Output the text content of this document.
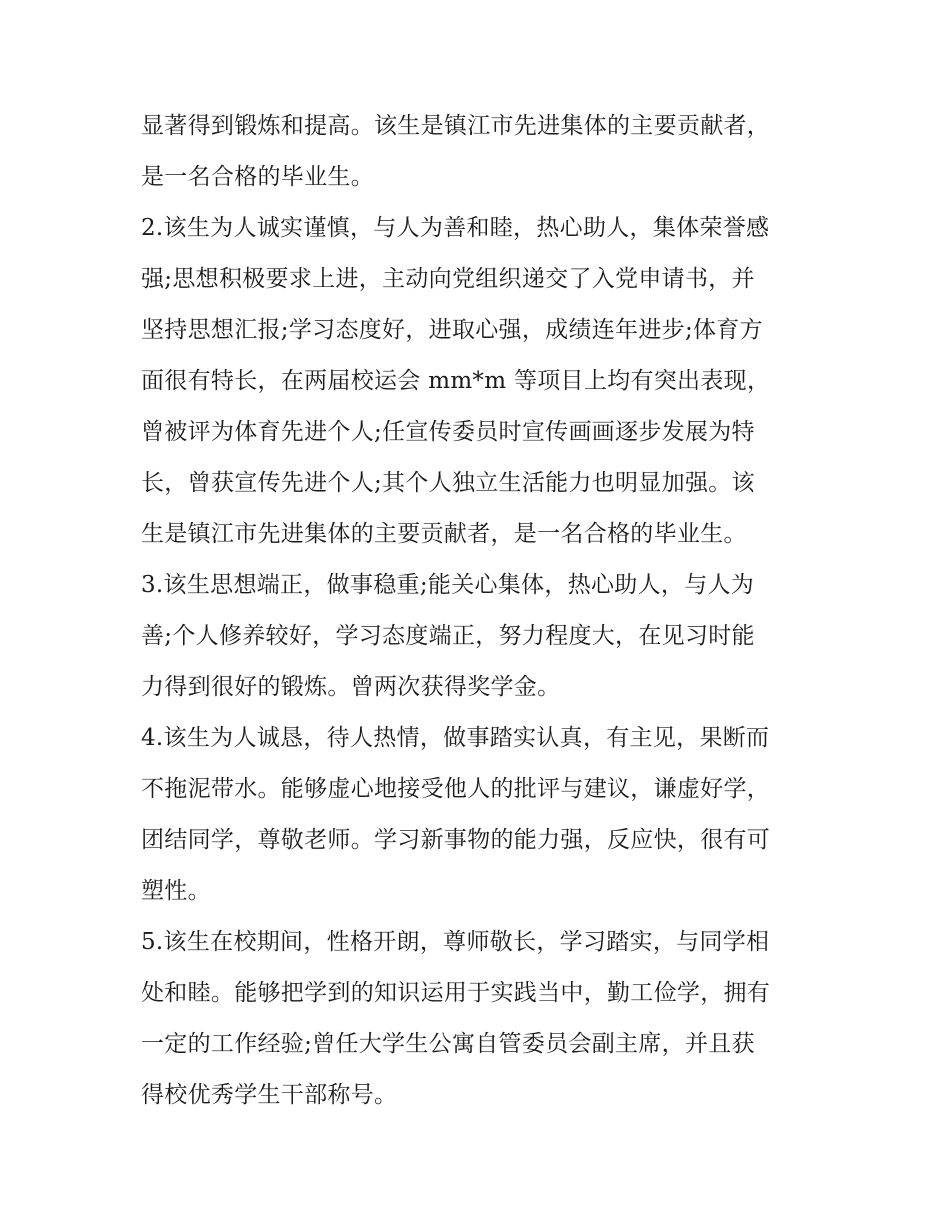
显著得到锻炼和提高。该生是镇江市先进集体的主要贡献者，
是一名合格的毕业生。
2.该生为人诚实谨慎，与人为善和睦，热心助人，集体荣誉感
强;思想积极要求上进，主动向党组织递交了入党申请书，并
坚持思想汇报;学习态度好，进取心强，成绩连年进步;体育方
面很有特长，在两届校运会 mm*m 等项目上均有突出表现，
曾被评为体育先进个人;任宣传委员时宣传画画逐步发展为特
长，曾获宣传先进个人;其个人独立生活能力也明显加强。该
生是镇江市先进集体的主要贡献者，是一名合格的毕业生。
3.该生思想端正，做事稳重;能关心集体，热心助人，与人为
善;个人修养较好，学习态度端正，努力程度大，在见习时能
力得到很好的锻炼。曾两次获得奖学金。
4.该生为人诚恳，待人热情，做事踏实认真，有主见，果断而
不拖泥带水。能够虚心地接受他人的批评与建议，谦虚好学，
团结同学，尊敬老师。学习新事物的能力强，反应快，很有可
塑性。
5.该生在校期间，性格开朗，尊师敬长，学习踏实，与同学相
处和睦。能够把学到的知识运用于实践当中，勤工俭学，拥有
一定的工作经验;曾任大学生公寓自管委员会副主席，并且获
得校优秀学生干部称号。
